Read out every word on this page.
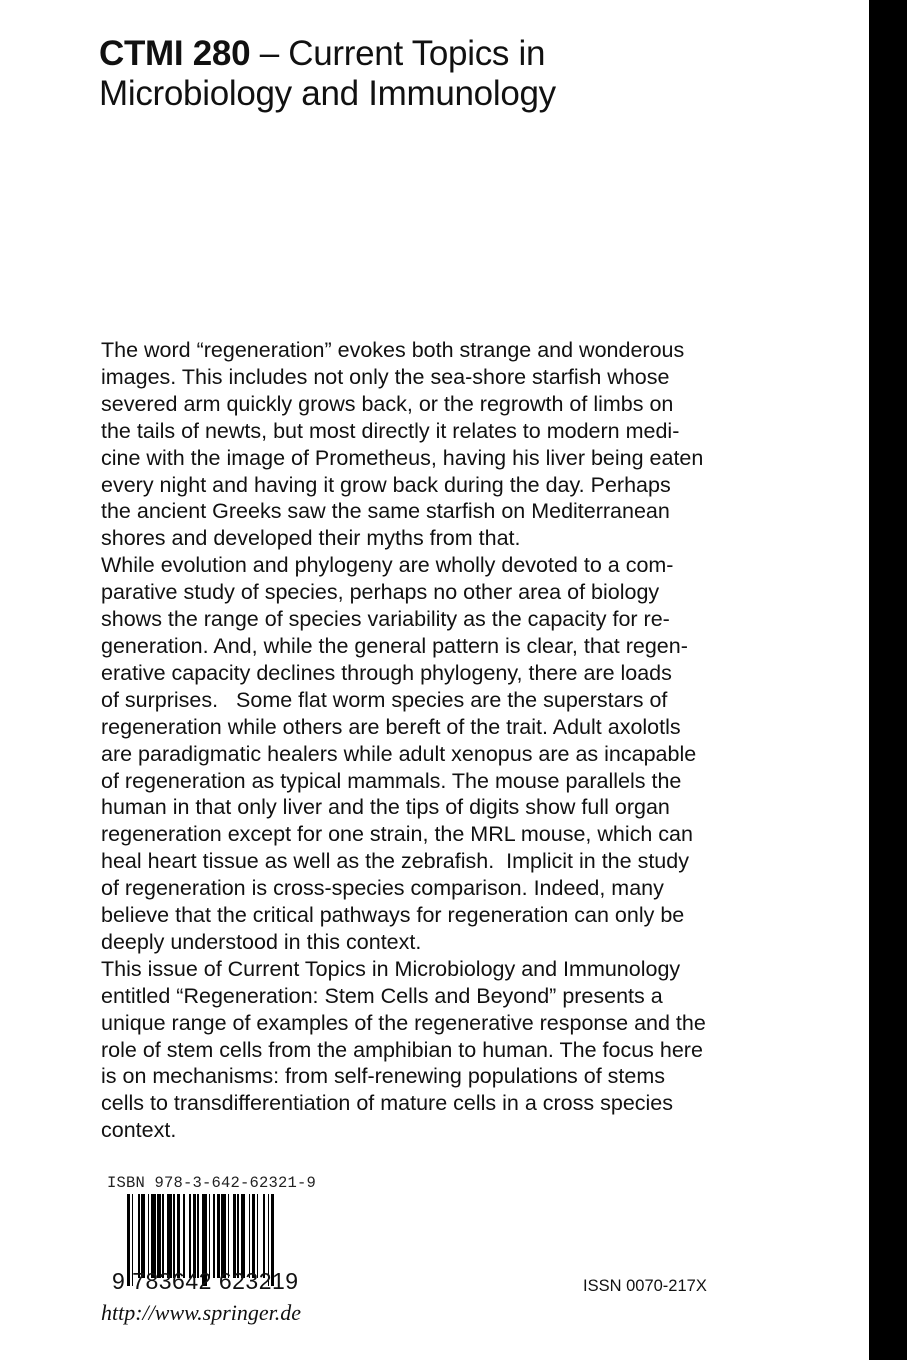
CTMI 280 – Current Topics in
Microbiology and Immunology

The word “regeneration” evokes both strange and wonderous
images. This includes not only the sea-shore starfish whose
severed arm quickly grows back, or the regrowth of limbs on
the tails of newts, but most directly it relates to modern medi-
cine with the image of Prometheus, having his liver being eaten
every night and having it grow back during the day. Perhaps
the ancient Greeks saw the same starfish on Mediterranean
shores and developed their myths from that.

While evolution and phylogeny are wholly devoted to a com-
parative study of species, perhaps no other area of biology
shows the range of species variability as the capacity for re-
generation. And, while the general pattern is clear, that regen-
erative capacity declines through phylogeny, there are loads
of surprises.   Some flat worm species are the superstars of
regeneration while others are bereft of the trait. Adult axolotls
are paradigmatic healers while adult xenopus are as incapable
of regeneration as typical mammals. The mouse parallels the
human in that only liver and the tips of digits show full organ
regeneration except for one strain, the MRL mouse, which can
heal heart tissue as well as the zebrafish.  Implicit in the study
of regeneration is cross-species comparison. Indeed, many
believe that the critical pathways for regeneration can only be
deeply understood in this context.

This issue of Current Topics in Microbiology and Immunology
entitled “Regeneration: Stem Cells and Beyond” presents a
unique range of examples of the regenerative response and the
role of stem cells from the amphibian to human. The focus here
is on mechanisms: from self-renewing populations of stems
cells to transdifferentiation of mature cells in a cross species
context.

ISBN 978-3-642-62321-9
9 783642 623219
http://www.springer.de
ISSN 0070-217X
